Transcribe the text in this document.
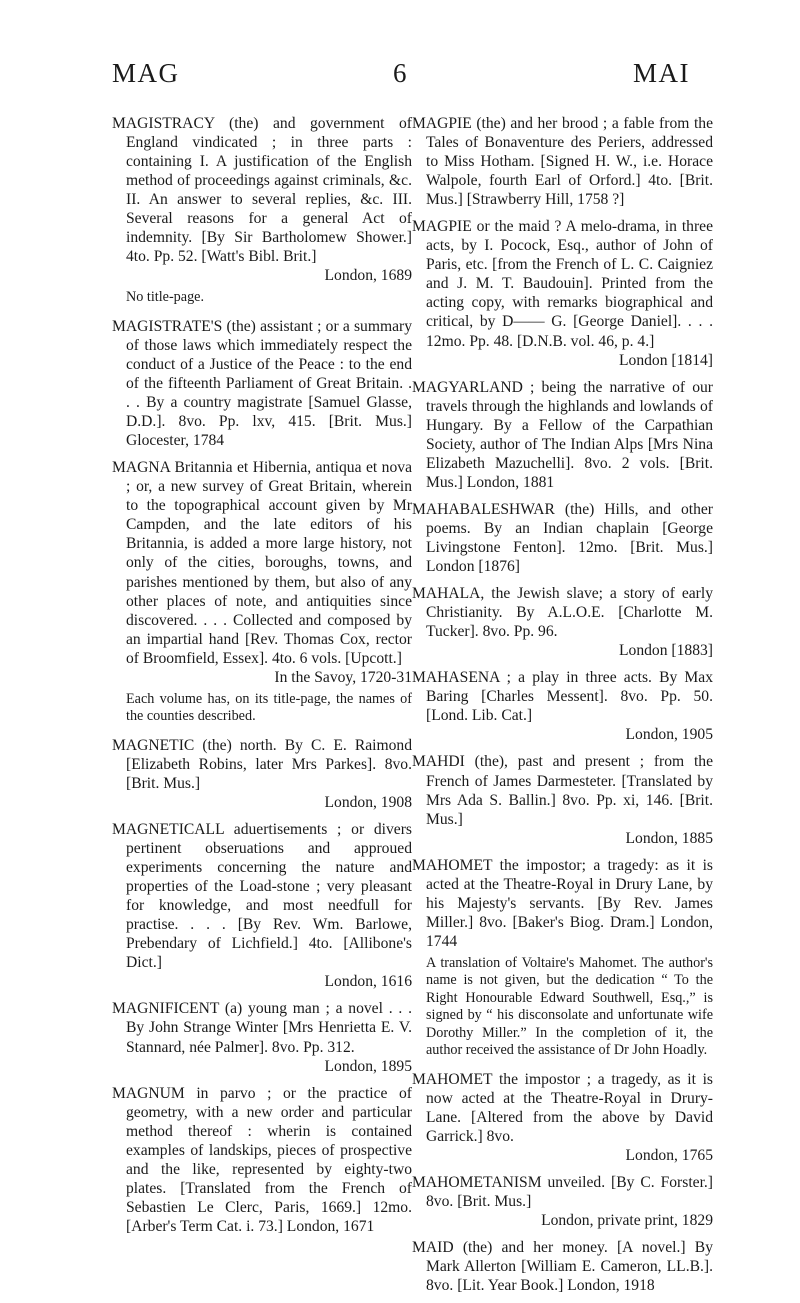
MAG	6	MAI

MAGISTRACY (the) and government of England vindicated ; in three parts : containing I. A justification of the English method of proceedings against criminals, &c. II. An answer to several replies, &c. III. Several reasons for a general Act of indemnity. [By Sir Bartholomew Shower.] 4to. Pp. 52. [Watt's Bibl. Brit.]
London, 1689

No title-page.

MAGISTRATE'S (the) assistant ; or a summary of those laws which immediately respect the conduct of a Justice of the Peace : to the end of the fifteenth Parliament of Great Britain. . . . By a country magistrate [Samuel Glasse, D.D.]. 8vo. Pp. lxv, 415. [Brit. Mus.] Glocester, 1784

MAGNA Britannia et Hibernia, antiqua et nova ; or, a new survey of Great Britain, wherein to the topographical account given by Mr Campden, and the late editors of his Britannia, is added a more large history, not only of the cities, boroughs, towns, and parishes mentioned by them, but also of any other places of note, and antiquities since discovered. . . . Collected and composed by an impartial hand [Rev. Thomas Cox, rector of Broomfield, Essex]. 4to. 6 vols. [Upcott.]
In the Savoy, 1720-31

Each volume has, on its title-page, the names of the counties described.

MAGNETIC (the) north. By C. E. Raimond [Elizabeth Robins, later Mrs Parkes]. 8vo. [Brit. Mus.]
London, 1908

MAGNETICALL aduertisements ; or divers pertinent obseruations and approued experiments concerning the nature and properties of the Load-stone ; very pleasant for knowledge, and most needfull for practise. . . . [By Rev. Wm. Barlowe, Prebendary of Lichfield.] 4to. [Allibone's Dict.]
London, 1616

MAGNIFICENT (a) young man ; a novel . . . By John Strange Winter [Mrs Henrietta E. V. Stannard, née Palmer]. 8vo. Pp. 312.
London, 1895

MAGNUM in parvo ; or the practice of geometry, with a new order and particular method thereof : wherin is contained examples of landskips, pieces of prospective and the like, represented by eighty-two plates. [Translated from the French of Sebastien Le Clerc, Paris, 1669.] 12mo. [Arber's Term Cat. i. 73.] London, 1671

MAGPIE (the) and her brood ; a fable from the Tales of Bonaventure des Periers, addressed to Miss Hotham. [Signed H. W., i.e. Horace Walpole, fourth Earl of Orford.] 4to. [Brit. Mus.] [Strawberry Hill, 1758 ?]

MAGPIE or the maid ? A melo-drama, in three acts, by I. Pocock, Esq., author of John of Paris, etc. [from the French of L. C. Caigniez and J. M. T. Baudouin]. Printed from the acting copy, with remarks biographical and critical, by D—— G. [George Daniel]. . . . 12mo. Pp. 48. [D.N.B. vol. 46, p. 4.]
London [1814]

MAGYARLAND ; being the narrative of our travels through the highlands and lowlands of Hungary. By a Fellow of the Carpathian Society, author of The Indian Alps [Mrs Nina Elizabeth Mazuchelli]. 8vo. 2 vols. [Brit. Mus.] London, 1881

MAHABALESHWAR (the) Hills, and other poems. By an Indian chaplain [George Livingstone Fenton]. 12mo. [Brit. Mus.] London [1876]

MAHALA, the Jewish slave; a story of early Christianity. By A.L.O.E. [Charlotte M. Tucker]. 8vo. Pp. 96.
London [1883]

MAHASENA ; a play in three acts. By Max Baring [Charles Messent]. 8vo. Pp. 50. [Lond. Lib. Cat.]
London, 1905

MAHDI (the), past and present ; from the French of James Darmesteter. [Translated by Mrs Ada S. Ballin.] 8vo. Pp. xi, 146. [Brit. Mus.]
London, 1885

MAHOMET the impostor; a tragedy: as it is acted at the Theatre-Royal in Drury Lane, by his Majesty's servants. [By Rev. James Miller.] 8vo. [Baker's Biog. Dram.] London, 1744

A translation of Voltaire's Mahomet. The author's name is not given, but the dedication “ To the Right Honourable Edward Southwell, Esq.,” is signed by “ his disconsolate and unfortunate wife Dorothy Miller.” In the completion of it, the author received the assistance of Dr John Hoadly.

MAHOMET the impostor ; a tragedy, as it is now acted at the Theatre-Royal in Drury-Lane. [Altered from the above by David Garrick.] 8vo.
London, 1765

MAHOMETANISM unveiled. [By C. Forster.] 8vo. [Brit. Mus.]
London, private print, 1829

MAID (the) and her money. [A novel.] By Mark Allerton [William E. Cameron, LL.B.]. 8vo. [Lit. Year Book.] London, 1918
